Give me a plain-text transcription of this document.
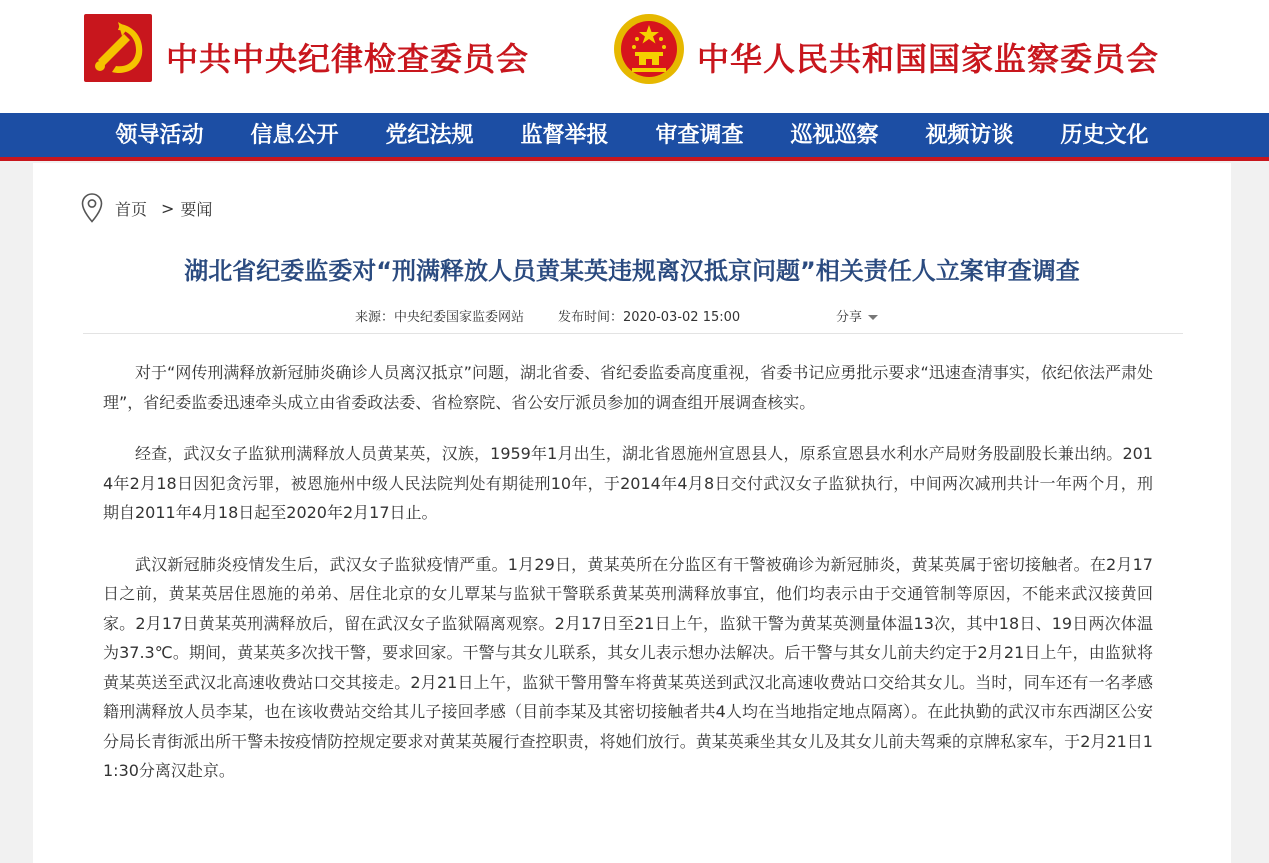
中共中央纪律检查委员会	中华人民共和国国家监察委员会
领导活动	信息公开	党纪法规	监督举报	审查调查	巡视巡察	视频访谈	历史文化
首页 > 要闻
湖北省纪委监委对“刑满释放人员黄某英违规离汉抵京问题”相关责任人立案审查调查
来源：中央纪委国家监委网站	发布时间：2020-03-02 15:00	分享

对于“网传刑满释放新冠肺炎确诊人员离汉抵京”问题，湖北省委、省纪委监委高度重视，省委书记应勇批示要求“迅速查清事实，依纪依法严肃处理”，省纪委监委迅速牵头成立由省委政法委、省检察院、省公安厅派员参加的调查组开展调查核实。

经查，武汉女子监狱刑满释放人员黄某英，汉族，1959年1月出生，湖北省恩施州宣恩县人，原系宣恩县水利水产局财务股副股长兼出纳。2014年2月18日因犯贪污罪，被恩施州中级人民法院判处有期徒刑10年，于2014年4月8日交付武汉女子监狱执行，中间两次减刑共计一年两个月，刑期自2011年4月18日起至2020年2月17日止。

武汉新冠肺炎疫情发生后，武汉女子监狱疫情严重。1月29日，黄某英所在分监区有干警被确诊为新冠肺炎，黄某英属于密切接触者。在2月17日之前，黄某英居住恩施的弟弟、居住北京的女儿覃某与监狱干警联系黄某英刑满释放事宜，他们均表示由于交通管制等原因，不能来武汉接黄回家。2月17日黄某英刑满释放后，留在武汉女子监狱隔离观察。2月17日至21日上午，监狱干警为黄某英测量体温13次，其中18日、19日两次体温为37.3℃。期间，黄某英多次找干警，要求回家。干警与其女儿联系，其女儿表示想办法解决。后干警与其女儿前夫约定于2月21日上午，由监狱将黄某英送至武汉北高速收费站口交其接走。2月21日上午，监狱干警用警车将黄某英送到武汉北高速收费站口交给其女儿。当时，同车还有一名孝感籍刑满释放人员李某，也在该收费站交给其儿子接回孝感（目前李某及其密切接触者共4人均在当地指定地点隔离）。在此执勤的武汉市东西湖区公安分局长青街派出所干警未按疫情防控规定要求对黄某英履行查控职责，将她们放行。黄某英乘坐其女儿及其女儿前夫驾乘的京牌私家车，于2月21日11:30分离汉赴京。
